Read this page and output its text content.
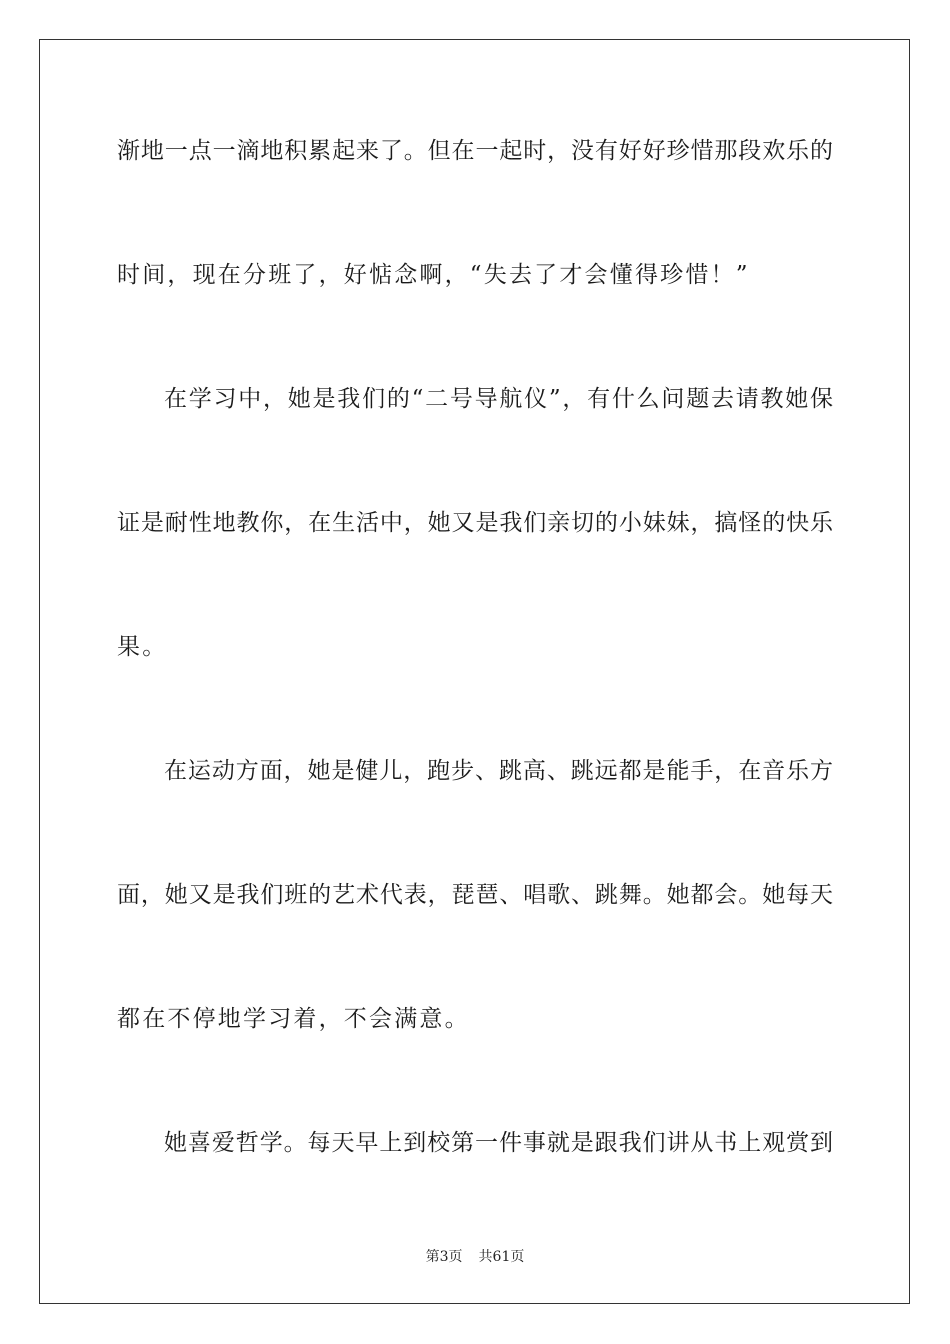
渐地一点一滴地积累起来了。但在一起时，没有好好珍惜那段欢乐的
时间，现在分班了，好惦念啊，“失去了才会懂得珍惜！”
在学习中，她是我们的“二号导航仪”，有什么问题去请教她保
证是耐性地教你，在生活中，她又是我们亲切的小妹妹，搞怪的快乐
果。
在运动方面，她是健儿，跑步、跳高、跳远都是能手，在音乐方
面，她又是我们班的艺术代表，琵琶、唱歌、跳舞。她都会。她每天
都在不停地学习着，不会满意。
她喜爱哲学。每天早上到校第一件事就是跟我们讲从书上观赏到
第3页 共61页
